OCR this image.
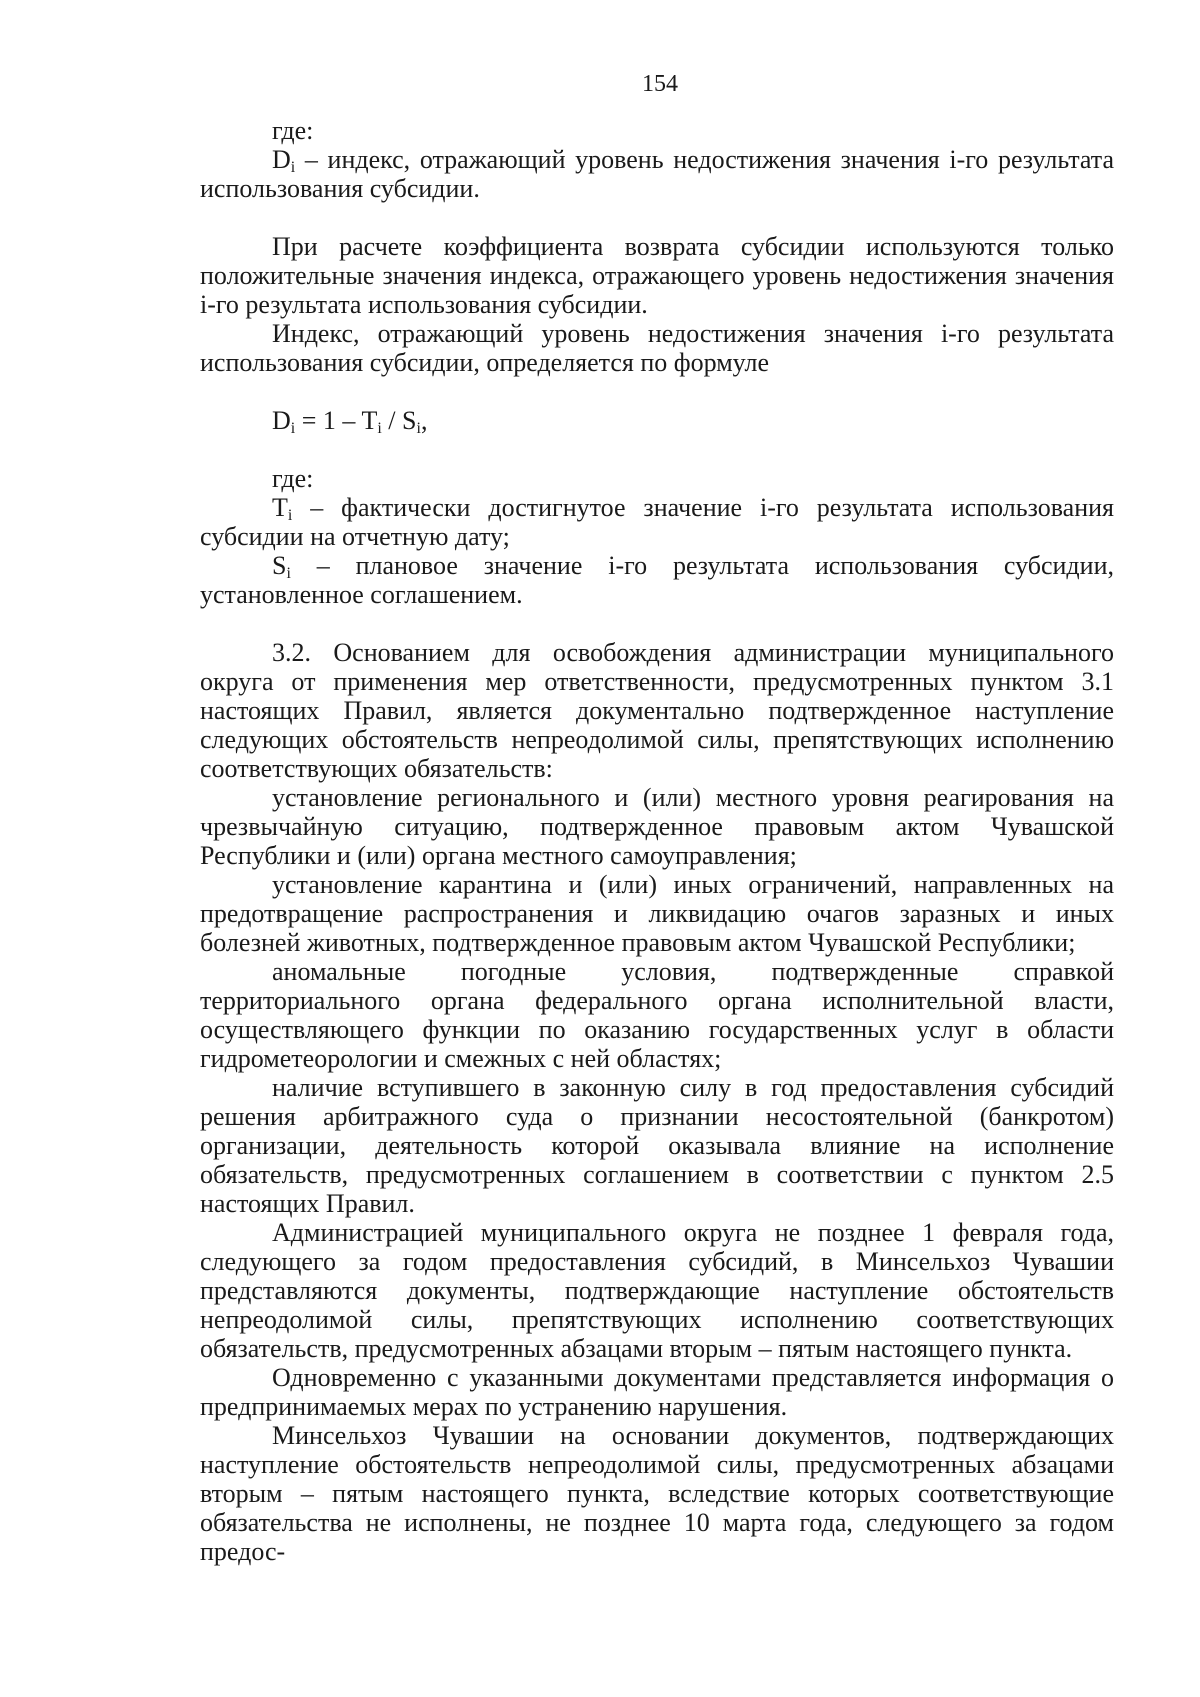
154

где:

$D_i$ – индекс, отражающий уровень недостижения значения i-го результата использования субсидии.

При расчете коэффициента возврата субсидии используются только положительные значения индекса, отражающего уровень недостижения значения i-го результата использования субсидии.

Индекс, отражающий уровень недостижения значения i-го результата использования субсидии, определяется по формуле

$D_i = 1 - T_i / S_i$,

где:

$T_i$ – фактически достигнутое значение i-го результата использования субсидии на отчетную дату;

$S_i$ – плановое значение i-го результата использования субсидии, установленное соглашением.

3.2. Основанием для освобождения администрации муниципального округа от применения мер ответственности, предусмотренных пунктом 3.1 настоящих Правил, является документально подтвержденное наступление следующих обстоятельств непреодолимой силы, препятствующих исполнению соответствующих обязательств:

установление регионального и (или) местного уровня реагирования на чрезвычайную ситуацию, подтвержденное правовым актом Чувашской Республики и (или) органа местного самоуправления;

установление карантина и (или) иных ограничений, направленных на предотвращение распространения и ликвидацию очагов заразных и иных болезней животных, подтвержденное правовым актом Чувашской Республики;

аномальные погодные условия, подтвержденные справкой территориального органа федерального органа исполнительной власти, осуществляющего функции по оказанию государственных услуг в области гидрометеорологии и смежных с ней областях;

наличие вступившего в законную силу в год предоставления субсидий решения арбитражного суда о признании несостоятельной (банкротом) организации, деятельность которой оказывала влияние на исполнение обязательств, предусмотренных соглашением в соответствии с пунктом 2.5 настоящих Правил.

Администрацией муниципального округа не позднее 1 февраля года, следующего за годом предоставления субсидий, в Минсельхоз Чувашии представляются документы, подтверждающие наступление обстоятельств непреодолимой силы, препятствующих исполнению соответствующих обязательств, предусмотренных абзацами вторым – пятым настоящего пункта.

Одновременно с указанными документами представляется информация о предпринимаемых мерах по устранению нарушения.

Минсельхоз Чувашии на основании документов, подтверждающих наступление обстоятельств непреодолимой силы, предусмотренных абзацами вторым – пятым настоящего пункта, вследствие которых соответствующие обязательства не исполнены, не позднее 10 марта года, следующего за годом предос-
